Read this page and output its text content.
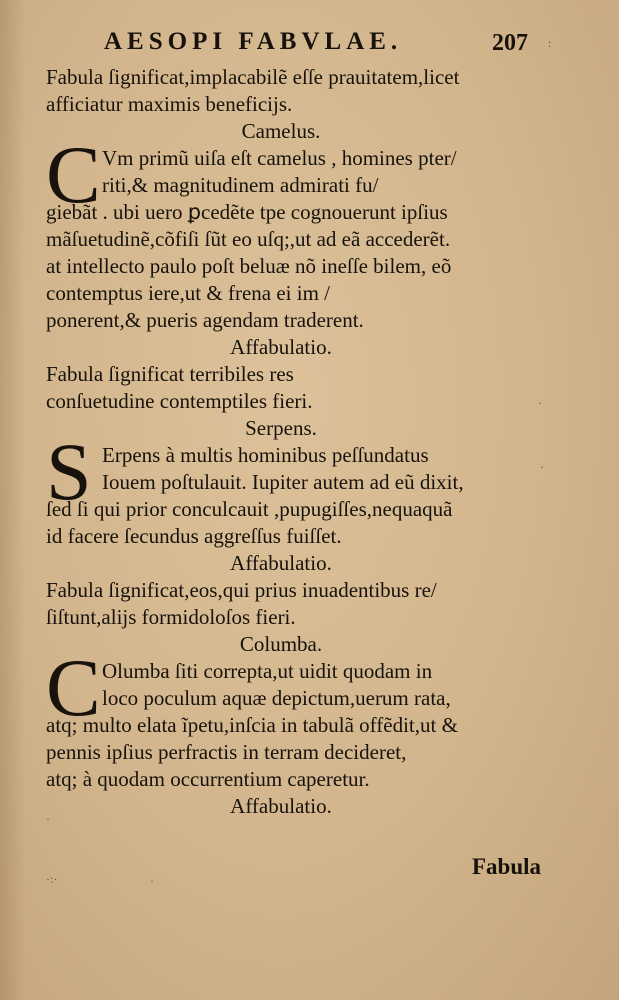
AESOPI FABVLAE.	207
Fabula ſignificat,implacabilẽ eſſe prauitatem,licet
afficiatur maximis beneficijs.
Camelus.
C Vm primũ uiſa eſt camelus , homines pter/
riti,& magnitudinem admirati fu/
giebãt . ubi uero ꝑcedẽte tpe cognouerunt ipſius
mãſuetudinẽ,cõfiſi ſũt eo uſq;,ut ad eã accederẽt.
at intellecto paulo poſt beluæ nõ ineſſe bilem, eõ
contemptus iere,ut & frena ei im /
ponerent,& pueris agendam traderent.
Affabulatio.
Fabula ſignificat terribiles res
conſuetudine contemptiles fieri.
Serpens.
S Erpens à multis hominibus peſſundatus
Iouem poſtulauit. Iupiter autem ad eũ dixit,
ſed ſi qui prior conculcauit ,pupugiſſes,nequaquã
id facere ſecundus aggreſſus fuiſſet.
Affabulatio.
Fabula ſignificat,eos,qui prius inuadentibus re/
ſiſtunt,alijs formidoloſos fieri.
Columba.
C Olumba ſiti correpta,ut uidit quodam in
loco poculum aquæ depictum,uerum rata,
atq; multo elata ĩpetu,inſcia in tabulã offẽdit,ut &
pennis ipſius perfractis in terram decideret,
atq; à quodam occurrentium caperetur.
Affabulatio.
Fabula
·:·	·
·
·
·
:
